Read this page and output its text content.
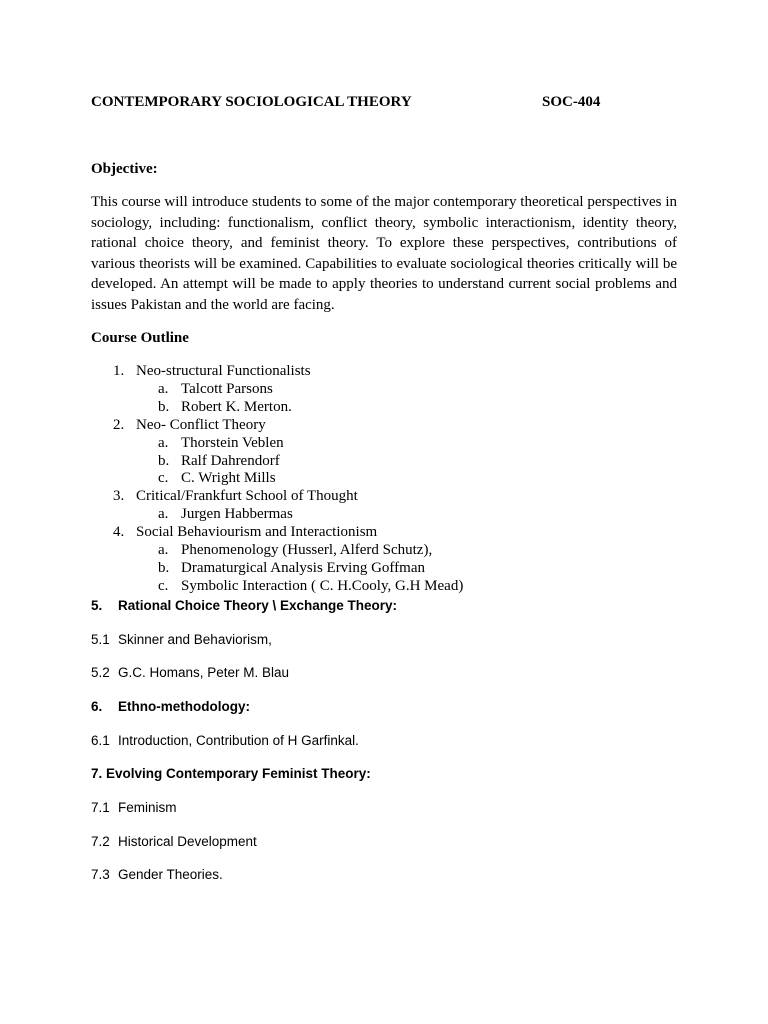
CONTEMPORARY SOCIOLOGICAL THEORY	SOC-404
Objective:

This course will introduce students to some of the major contemporary theoretical perspectives in sociology, including: functionalism, conflict theory, symbolic interactionism, identity theory, rational choice theory, and feminist theory. To explore these perspectives, contributions of various theorists will be examined. Capabilities to evaluate sociological theories critically will be developed. An attempt will be made to apply theories to understand current social problems and issues Pakistan and the world are facing.

Course Outline
1. Neo-structural Functionalists
a. Talcott Parsons
b. Robert K. Merton.
2. Neo- Conflict Theory
a. Thorstein Veblen
b. Ralf Dahrendorf
c. C. Wright Mills
3. Critical/Frankfurt School of Thought
a. Jurgen Habbermas
4. Social Behaviourism and Interactionism
a. Phenomenology (Husserl, Alferd Schutz),
b. Dramaturgical Analysis Erving Goffman
c. Symbolic Interaction ( C. H.Cooly, G.H Mead)
5. Rational Choice Theory \ Exchange Theory:
5.1 Skinner and Behaviorism,
5.2 G.C. Homans, Peter M. Blau
6. Ethno-methodology:
6.1 Introduction, Contribution of H Garfinkal.
7. Evolving Contemporary Feminist Theory:
7.1 Feminism
7.2 Historical Development
7.3 Gender Theories.
